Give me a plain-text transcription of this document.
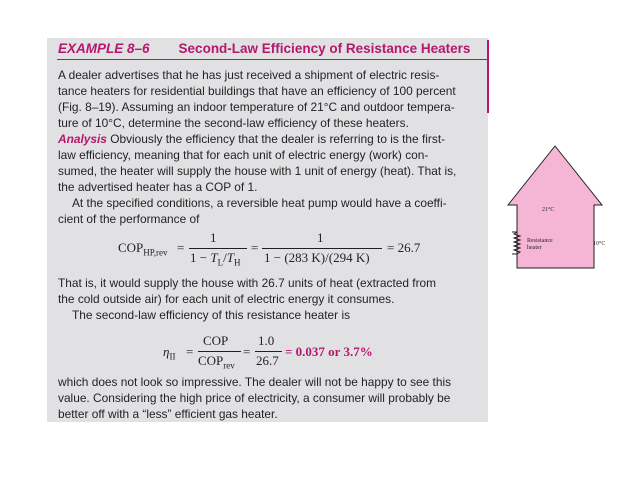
EXAMPLE 8–6 Second-Law Efficiency of Resistance Heaters

A dealer advertises that he has just received a shipment of electric resis-
tance heaters for residential buildings that have an efficiency of 100 percent
(Fig. 8–19). Assuming an indoor temperature of 21°C and outdoor tempera-
ture of 10°C, determine the second-law efficiency of these heaters.

Analysis Obviously the efficiency that the dealer is referring to is the first-
law efficiency, meaning that for each unit of electric energy (work) con-
sumed, the heater will supply the house with 1 unit of energy (heat). That is,
the advertised heater has a COP of 1.

At the specified conditions, a reversible heat pump would have a coeffi-
cient of the performance of

$COP_{HP,rev}$ =
1
$1 - T_L/T_H$
=
1
1 − (283 K)/(294 K)
= 26.7

That is, it would supply the house with 26.7 units of heat (extracted from
the cold outside air) for each unit of electric energy it consumes.
The second-law efficiency of this resistance heater is

$\eta_{II}$ =
COP
$COP_{rev}$
=
1.0
26.7
= 0.037 or 3.7%

which does not look so impressive. The dealer will not be happy to see this
value. Considering the high price of electricity, a consumer will probably be
better off with a “less” efficient gas heater.

21°C
Resistance
heater
10°C
